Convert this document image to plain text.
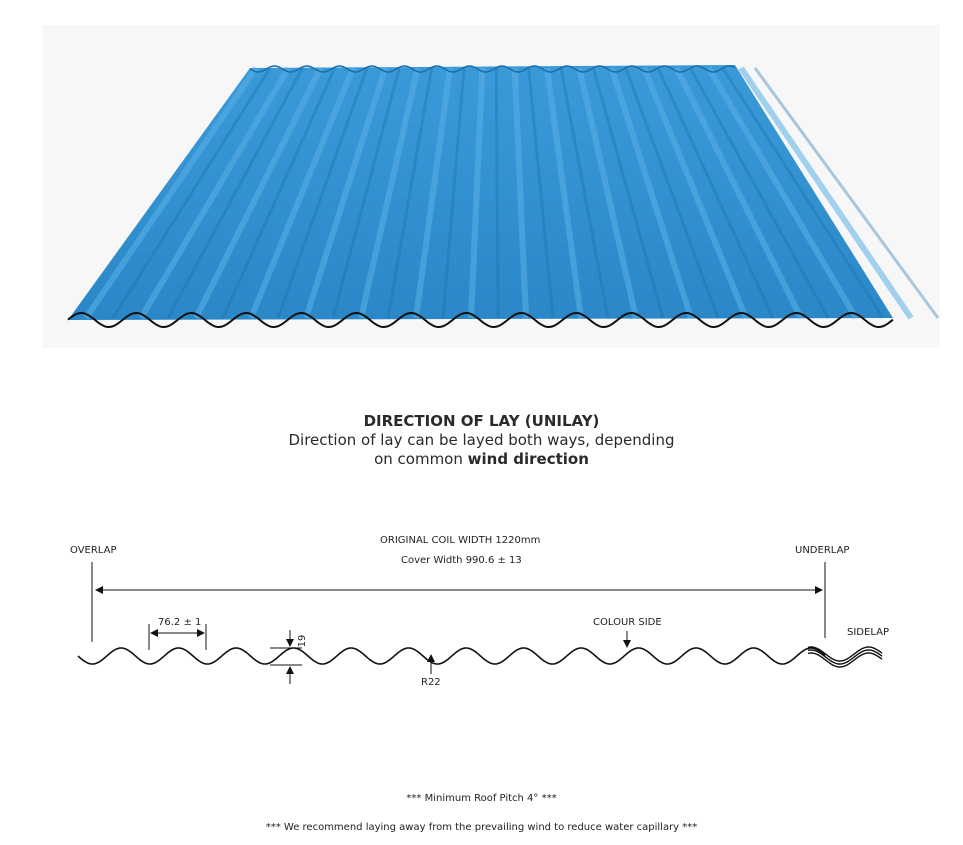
DIRECTION OF LAY (UNILAY)
Direction of lay can be layed both ways, depending
on common wind direction
19
ORIGINAL COIL WIDTH 1220mm
Cover Width 990.6 ± 13
OVERLAP	UNDERLAP
76.2 ± 1
R22
COLOUR SIDE
SIDELAP
*** Minimum Roof Pitch 4° ***
*** We recommend laying away from the prevailing wind to reduce water capillary ***
